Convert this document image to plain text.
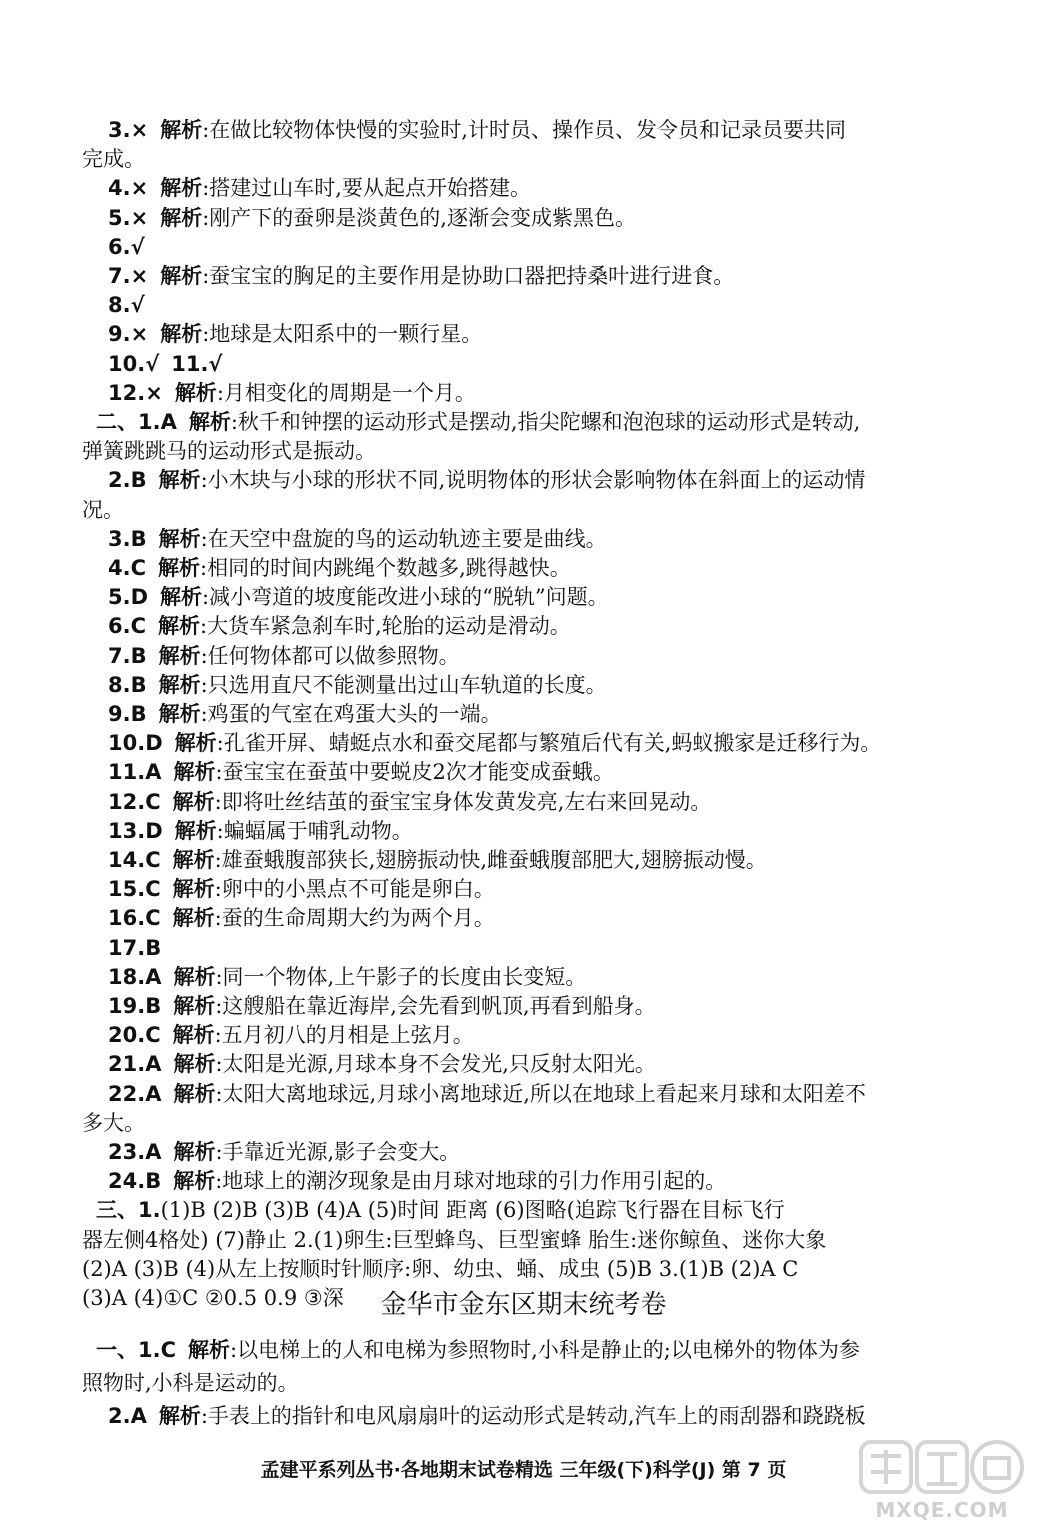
3.× 解析:在做比较物体快慢的实验时,计时员、操作员、发令员和记录员要共同
完成。
4.× 解析:搭建过山车时,要从起点开始搭建。
5.× 解析:刚产下的蚕卵是淡黄色的,逐渐会变成紫黑色。
6.√
7.× 解析:蚕宝宝的胸足的主要作用是协助口器把持桑叶进行进食。
8.√
9.× 解析:地球是太阳系中的一颗行星。
10.√ 11.√
12.× 解析:月相变化的周期是一个月。
二、1.A 解析:秋千和钟摆的运动形式是摆动,指尖陀螺和泡泡球的运动形式是转动,
弹簧跳跳马的运动形式是振动。
2.B 解析:小木块与小球的形状不同,说明物体的形状会影响物体在斜面上的运动情
况。
3.B 解析:在天空中盘旋的鸟的运动轨迹主要是曲线。
4.C 解析:相同的时间内跳绳个数越多,跳得越快。
5.D 解析:减小弯道的坡度能改进小球的“脱轨”问题。
6.C 解析:大货车紧急刹车时,轮胎的运动是滑动。
7.B 解析:任何物体都可以做参照物。
8.B 解析:只选用直尺不能测量出过山车轨道的长度。
9.B 解析:鸡蛋的气室在鸡蛋大头的一端。
10.D 解析:孔雀开屏、蜻蜓点水和蚕交尾都与繁殖后代有关,蚂蚁搬家是迁移行为。
11.A 解析:蚕宝宝在蚕茧中要蜕皮2次才能变成蚕蛾。
12.C 解析:即将吐丝结茧的蚕宝宝身体发黄发亮,左右来回晃动。
13.D 解析:蝙蝠属于哺乳动物。
14.C 解析:雄蚕蛾腹部狭长,翅膀振动快,雌蚕蛾腹部肥大,翅膀振动慢。
15.C 解析:卵中的小黑点不可能是卵白。
16.C 解析:蚕的生命周期大约为两个月。
17.B
18.A 解析:同一个物体,上午影子的长度由长变短。
19.B 解析:这艘船在靠近海岸,会先看到帆顶,再看到船身。
20.C 解析:五月初八的月相是上弦月。
21.A 解析:太阳是光源,月球本身不会发光,只反射太阳光。
22.A 解析:太阳大离地球远,月球小离地球近,所以在地球上看起来月球和太阳差不
多大。
23.A 解析:手靠近光源,影子会变大。
24.B 解析:地球上的潮汐现象是由月球对地球的引力作用引起的。
三、1.(1)B (2)B (3)B (4)A (5)时间 距离 (6)图略(追踪飞行器在目标飞行
器左侧4格处) (7)静止 2.(1)卵生:巨型蜂鸟、巨型蜜蜂 胎生:迷你鲸鱼、迷你大象
(2)A (3)B (4)从左上按顺时针顺序:卵、幼虫、蛹、成虫 (5)B 3.(1)B (2)A C
(3)A (4)①C ②0.5 0.9 ③深
一、1.C 解析:以电梯上的人和电梯为参照物时,小科是静止的;以电梯外的物体为参
照物时,小科是运动的。
2.A 解析:手表上的指针和电风扇扇叶的运动形式是转动,汽车上的雨刮器和跷跷板
金华市金东区期末统考卷
孟建平系列丛书·各地期末试卷精选 三年级(下)科学(J) 第 7 页
MXQE.COM
